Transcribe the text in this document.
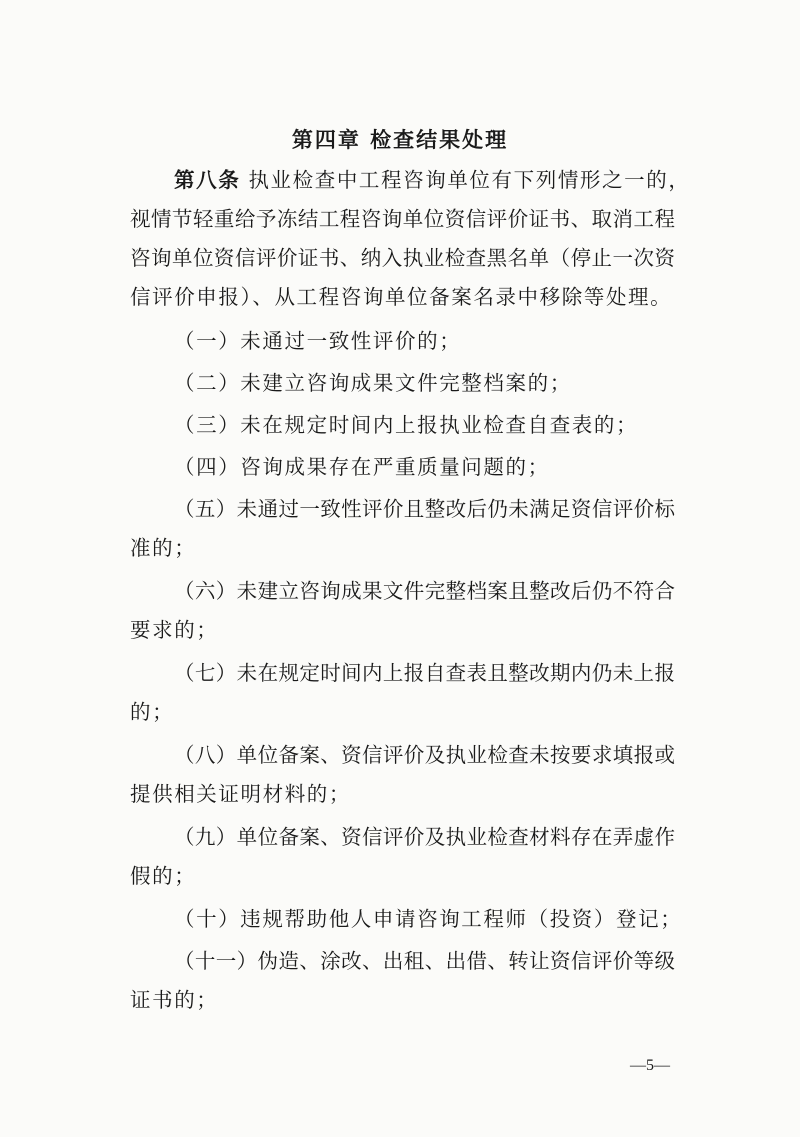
第四章 检查结果处理

第八条 执业检查中工程咨询单位有下列情形之一的，

视情节轻重给予冻结工程咨询单位资信评价证书、取消工程

咨询单位资信评价证书、纳入执业检查黑名单（停止一次资

信评价申报）、从工程咨询单位备案名录中移除等处理。

（一）未通过一致性评价的；

（二）未建立咨询成果文件完整档案的；

（三）未在规定时间内上报执业检查自查表的；

（四）咨询成果存在严重质量问题的；

（五）未通过一致性评价且整改后仍未满足资信评价标

准的；

（六）未建立咨询成果文件完整档案且整改后仍不符合

要求的；

（七）未在规定时间内上报自查表且整改期内仍未上报

的；

（八）单位备案、资信评价及执业检查未按要求填报或

提供相关证明材料的；

（九）单位备案、资信评价及执业检查材料存在弄虚作

假的；

（十）违规帮助他人申请咨询工程师（投资）登记；

（十一）伪造、涂改、出租、出借、转让资信评价等级

证书的；

—5—
